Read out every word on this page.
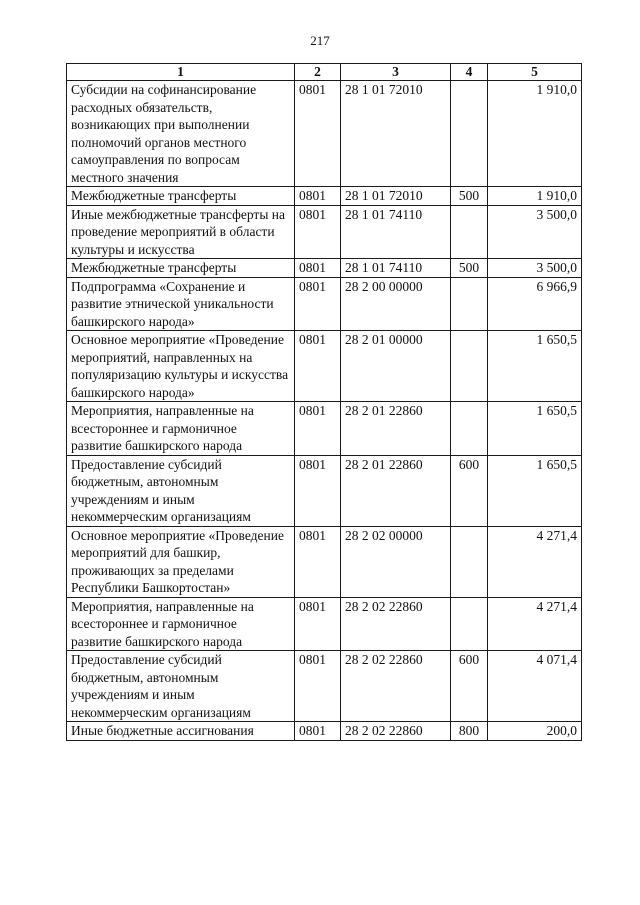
217
1	2	3	4	5
Субсидии на софинансирование расходных обязательств, возникающих при выполнении полномочий органов местного самоуправления по вопросам местного значения	0801	28 1 01 72010		1 910,0
Межбюджетные трансферты	0801	28 1 01 72010	500	1 910,0
Иные межбюджетные трансферты на проведение мероприятий в области культуры и искусства	0801	28 1 01 74110		3 500,0
Межбюджетные трансферты	0801	28 1 01 74110	500	3 500,0
Подпрограмма «Сохранение и развитие этнической уникальности башкирского народа»	0801	28 2 00 00000		6 966,9
Основное мероприятие «Проведение мероприятий, направленных на популяризацию культуры и искусства башкирского народа»	0801	28 2 01 00000		1 650,5
Мероприятия, направленные на всестороннее и гармоничное развитие башкирского народа	0801	28 2 01 22860		1 650,5
Предоставление субсидий бюджетным, автономным учреждениям и иным некоммерческим организациям	0801	28 2 01 22860	600	1 650,5
Основное мероприятие «Проведение мероприятий для башкир, проживающих за пределами Республики Башкортостан»	0801	28 2 02 00000		4 271,4
Мероприятия, направленные на всестороннее и гармоничное развитие башкирского народа	0801	28 2 02 22860		4 271,4
Предоставление субсидий бюджетным, автономным учреждениям и иным некоммерческим организациям	0801	28 2 02 22860	600	4 071,4
Иные бюджетные ассигнования	0801	28 2 02 22860	800	200,0
